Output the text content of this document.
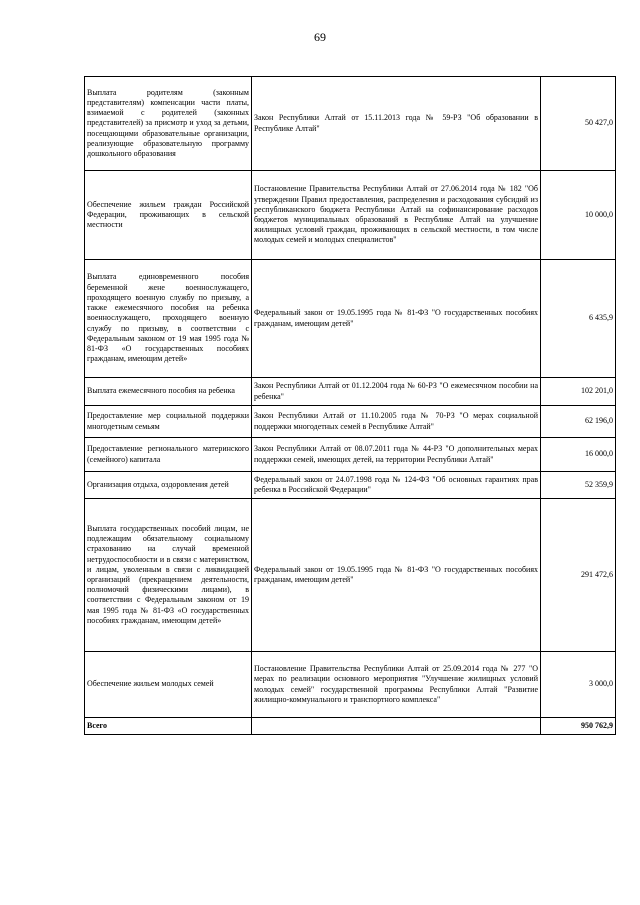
69
Выплата родителям (законным представителям) компенсации части платы, взимаемой с родителей (законных представителей) за присмотр и уход за детьми, посещающими образовательные организации, реализующие образовательную программу дошкольного образования	Закон Республики Алтай от 15.11.2013 года № 59-РЗ "Об образовании в Республике Алтай"	50 427,0
Обеспечение жильем граждан Российской Федерации, проживающих в сельской местности	Постановление Правительства Республики Алтай от 27.06.2014 года № 182 "Об утверждении Правил предоставления, распределения и расходования субсидий из республиканского бюджета Республики Алтай на софинансирование расходов бюджетов муниципальных образований в Республике Алтай на улучшение жилищных условий граждан, проживающих в сельской местности, в том числе молодых семей и молодых специалистов"	10 000,0
Выплата единовременного пособия беременной жене военнослужащего, проходящего военную службу по призыву, а также ежемесячного пособия на ребенка военнослужащего, проходящего военную службу по призыву, в соответствии с Федеральным законом от 19 мая 1995 года № 81-ФЗ «О государственных пособиях гражданам, имеющим детей»	Федеральный закон от 19.05.1995 года № 81-ФЗ "О государственных пособиях гражданам, имеющим детей"	6 435,9
Выплата ежемесячного пособия на ребенка	Закон Республики Алтай от 01.12.2004 года № 60-РЗ "О ежемесячном пособии на ребенка"	102 201,0
Предоставление мер социальной поддержки многодетным семьям	Закон Республики Алтай от 11.10.2005 года № 70-РЗ "О мерах социальной поддержки многодетных семей в Республике Алтай"	62 196,0
Предоставление регионального материнского (семейного) капитала	Закон Республики Алтай от 08.07.2011 года № 44-РЗ "О дополнительных мерах поддержки семей, имеющих детей, на территории Республики Алтай"	16 000,0
Организация отдыха, оздоровления детей	Федеральный закон от 24.07.1998 года № 124-ФЗ "Об основных гарантиях прав ребенка в Российской Федерации"	52 359,9
Выплата государственных пособий лицам, не подлежащим обязательному социальному страхованию на случай временной нетрудоспособности и в связи с материнством, и лицам, уволенным в связи с ликвидацией организаций (прекращением деятельности, полномочий физическими лицами), в соответствии с Федеральным законом от 19 мая 1995 года № 81-ФЗ «О государственных пособиях гражданам, имеющим детей»	Федеральный закон от 19.05.1995 года № 81-ФЗ "О государственных пособиях гражданам, имеющим детей"	291 472,6
Обеспечение жильем молодых семей	Постановление Правительства Республики Алтай от 25.09.2014 года № 277 "О мерах по реализации основного мероприятия "Улучшение жилищных условий молодых семей" государственной программы Республики Алтай "Развитие жилищно-коммунального и транспортного комплекса"	3 000,0
Всего		950 762,9
